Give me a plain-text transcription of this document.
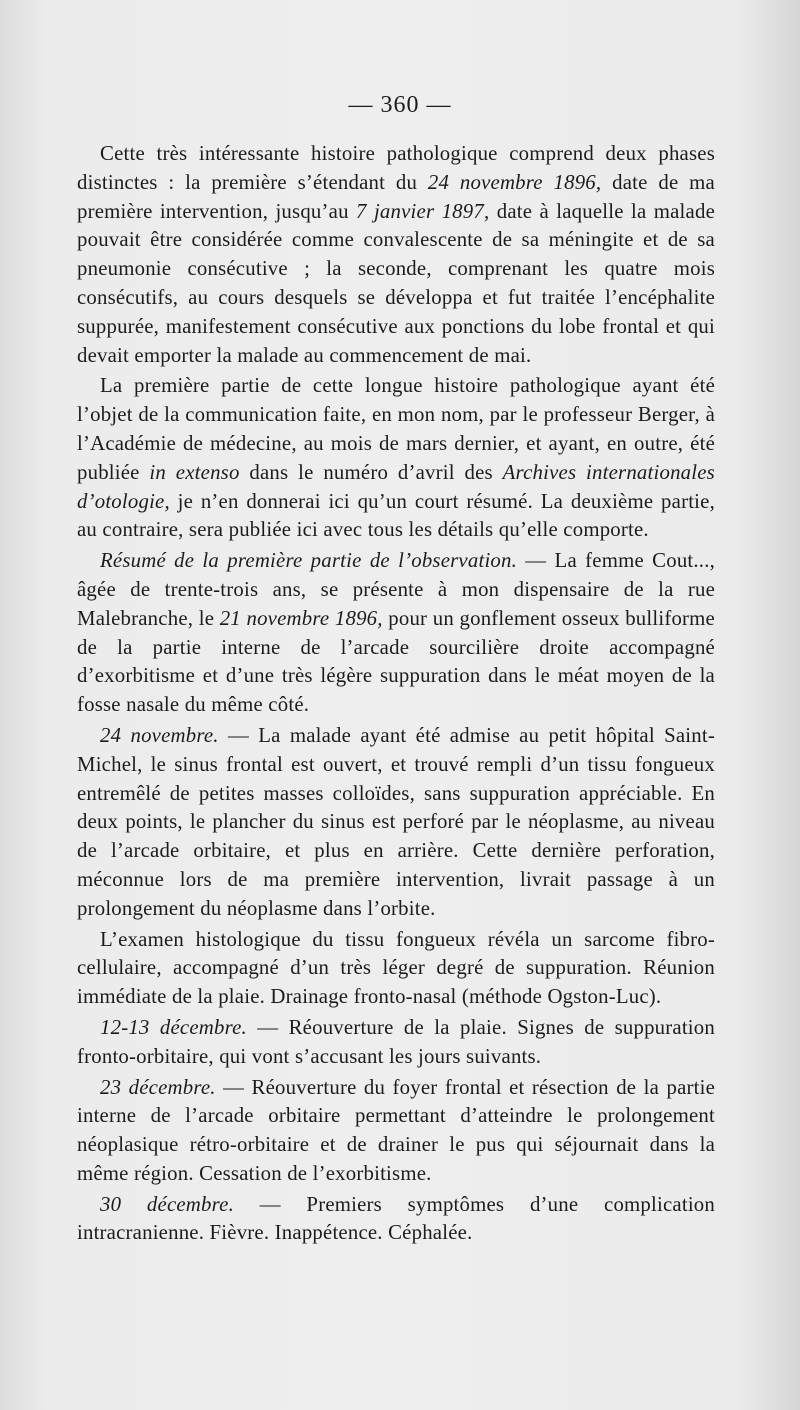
— 360 —

Cette très intéressante histoire pathologique comprend deux phases distinctes : la première s’étendant du 24 novembre 1896, date de ma première intervention, jusqu’au 7 janvier 1897, date à laquelle la malade pouvait être considérée comme convalescente de sa méningite et de sa pneumonie consécutive ; la seconde, comprenant les quatre mois consécutifs, au cours desquels se développa et fut traitée l’encéphalite suppurée, manifestement consécutive aux ponctions du lobe frontal et qui devait emporter la malade au commencement de mai.

La première partie de cette longue histoire pathologique ayant été l’objet de la communication faite, en mon nom, par le professeur Berger, à l’Académie de médecine, au mois de mars dernier, et ayant, en outre, été publiée in extenso dans le numéro d’avril des Archives internationales d’otologie, je n’en donnerai ici qu’un court résumé. La deuxième partie, au contraire, sera publiée ici avec tous les détails qu’elle comporte.

Résumé de la première partie de l’observation. — La femme Cout..., âgée de trente-trois ans, se présente à mon dispensaire de la rue Malebranche, le 21 novembre 1896, pour un gonflement osseux bulliforme de la partie interne de l’arcade sourcilière droite accompagné d’exorbitisme et d’une très légère suppuration dans le méat moyen de la fosse nasale du même côté.

24 novembre. — La malade ayant été admise au petit hôpital Saint-Michel, le sinus frontal est ouvert, et trouvé rempli d’un tissu fongueux entremêlé de petites masses colloïdes, sans suppuration appréciable. En deux points, le plancher du sinus est perforé par le néoplasme, au niveau de l’arcade orbitaire, et plus en arrière. Cette dernière perforation, méconnue lors de ma première intervention, livrait passage à un prolongement du néoplasme dans l’orbite.

L’examen histologique du tissu fongueux révéla un sarcome fibro-cellulaire, accompagné d’un très léger degré de suppuration. Réunion immédiate de la plaie. Drainage fronto-nasal (méthode Ogston-Luc).

12-13 décembre. — Réouverture de la plaie. Signes de suppuration fronto-orbitaire, qui vont s’accusant les jours suivants.

23 décembre. — Réouverture du foyer frontal et résection de la partie interne de l’arcade orbitaire permettant d’atteindre le prolongement néoplasique rétro-orbitaire et de drainer le pus qui séjournait dans la même région. Cessation de l’exorbitisme.

30 décembre. — Premiers symptômes d’une complication intracranienne. Fièvre. Inappétence. Céphalée.
